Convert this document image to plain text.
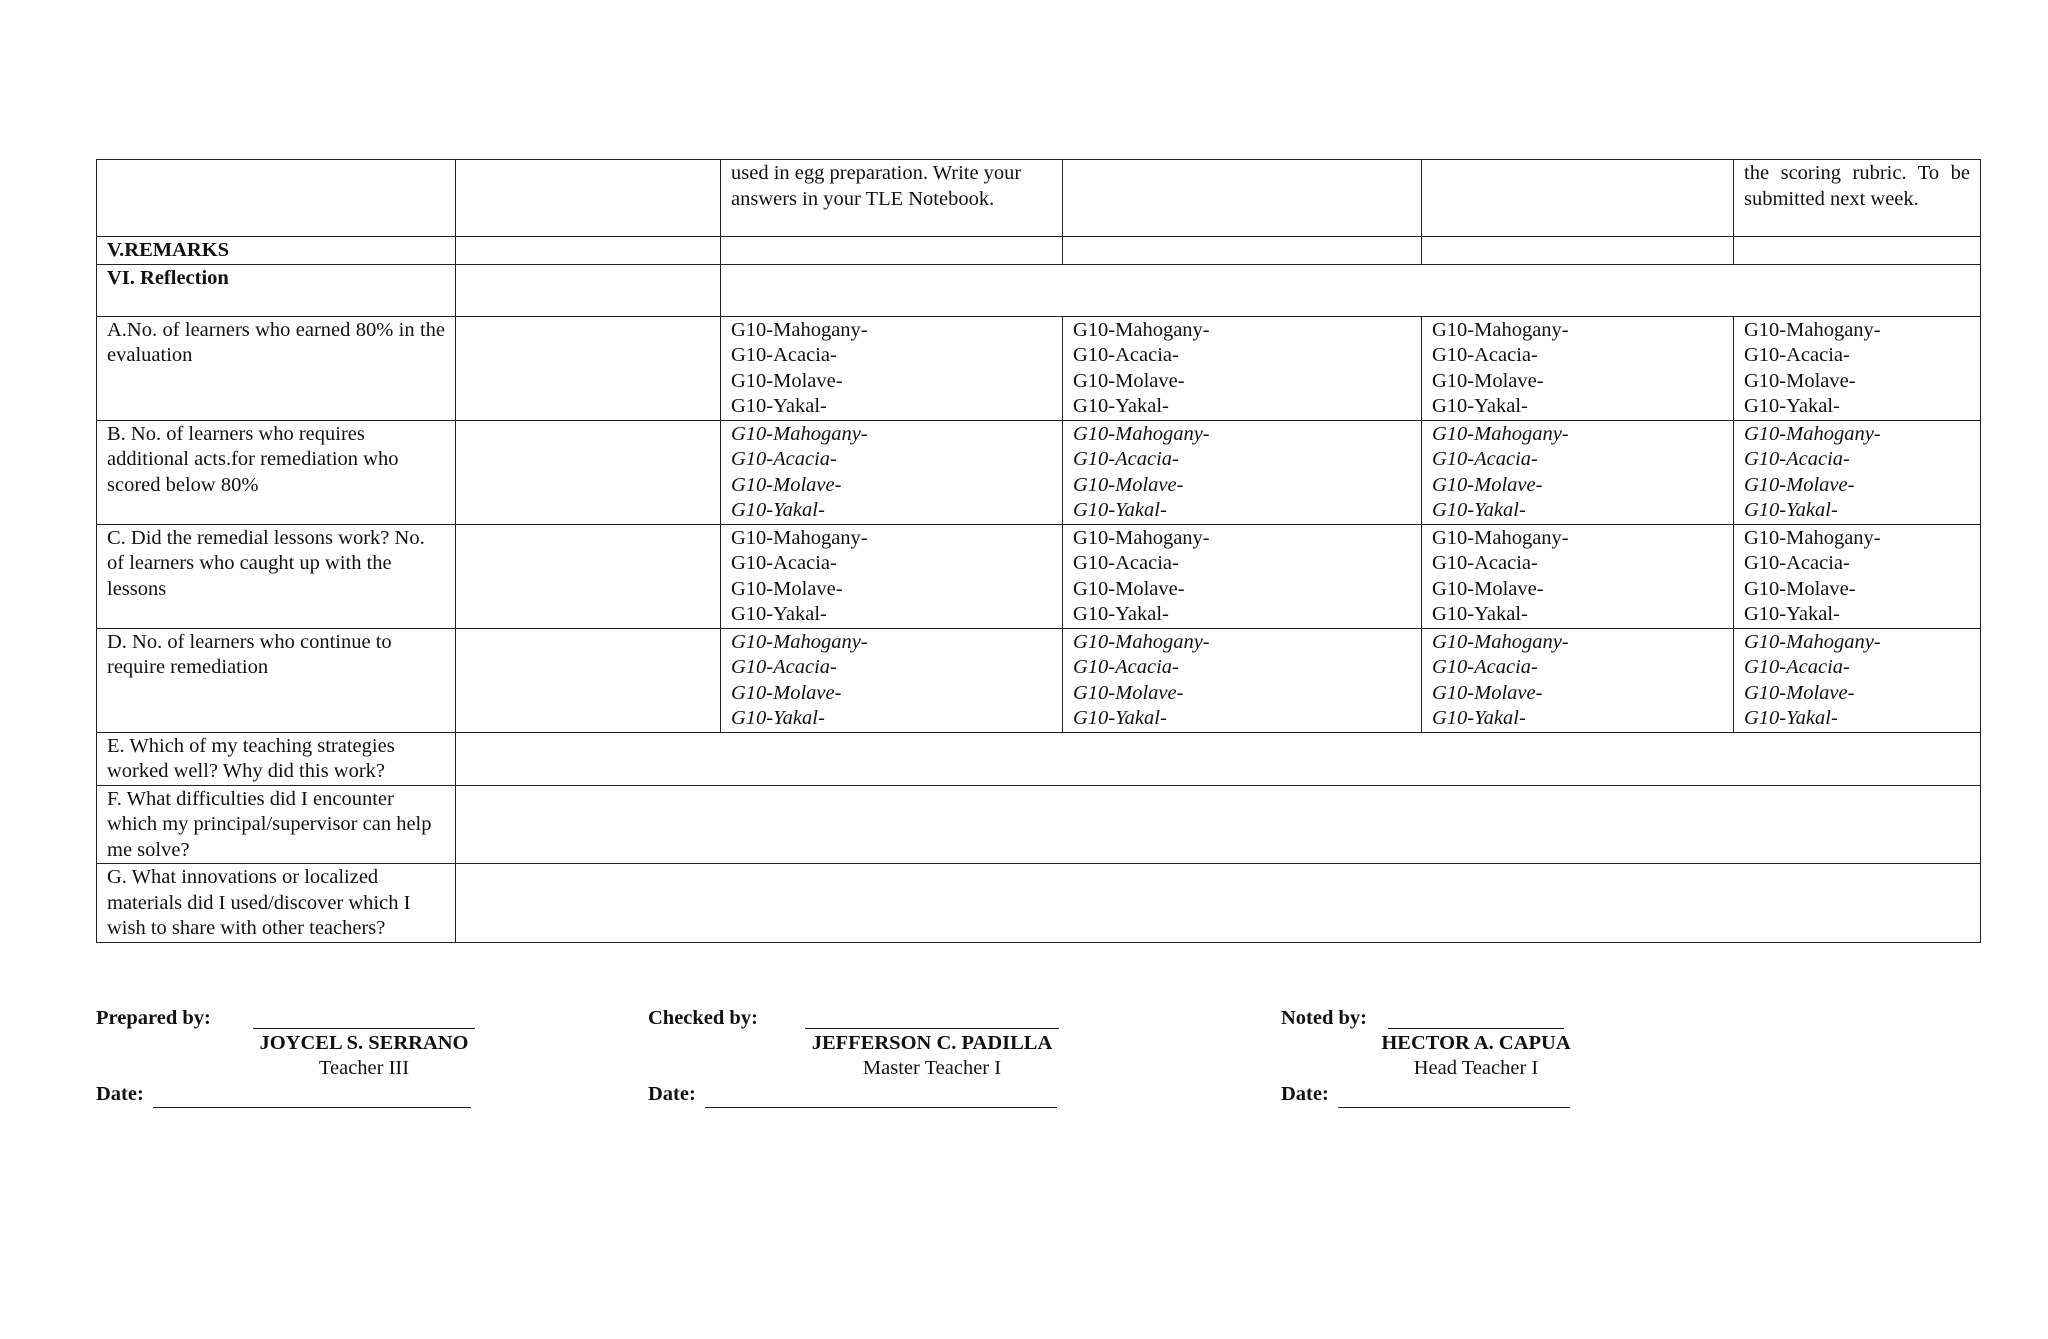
		used in egg preparation. Write your answers in your TLE Notebook.			the scoring rubric. To be submitted next week.
V.REMARKS					
VI. Reflection					
A.No. of learners who earned 80% in the evaluation		G10-Mahogany-
G10-Acacia-
G10-Molave-
G10-Yakal-	G10-Mahogany-
G10-Acacia-
G10-Molave-
G10-Yakal-	G10-Mahogany-
G10-Acacia-
G10-Molave-
G10-Yakal-	G10-Mahogany-
G10-Acacia-
G10-Molave-
G10-Yakal-

B. No. of learners who requires additional acts.for remediation who scored below 80%		G10-Mahogany-
G10-Acacia-
G10-Molave-
G10-Yakal-	G10-Mahogany-
G10-Acacia-
G10-Molave-
G10-Yakal-	G10-Mahogany-
G10-Acacia-
G10-Molave-
G10-Yakal-	G10-Mahogany-
G10-Acacia-
G10-Molave-
G10-Yakal-

C. Did the remedial lessons work? No. of learners who caught up with the lessons		G10-Mahogany-
G10-Acacia-
G10-Molave-
G10-Yakal-	G10-Mahogany-
G10-Acacia-
G10-Molave-
G10-Yakal-	G10-Mahogany-
G10-Acacia-
G10-Molave-
G10-Yakal-	G10-Mahogany-
G10-Acacia-
G10-Molave-
G10-Yakal-

D. No. of learners who continue to require remediation		G10-Mahogany-
G10-Acacia-
G10-Molave-
G10-Yakal-	G10-Mahogany-
G10-Acacia-
G10-Molave-
G10-Yakal-	G10-Mahogany-
G10-Acacia-
G10-Molave-
G10-Yakal-	G10-Mahogany-
G10-Acacia-
G10-Molave-
G10-Yakal-

E. Which of my teaching strategies worked well? Why did this work?					
F. What difficulties did I encounter which my principal/supervisor can help me solve?					
G. What innovations or localized materials did I used/discover which I wish to share with other teachers?					
Prepared by:
JOYCEL S. SERRANO
Teacher III
Date:
Checked by:
JEFFERSON C. PADILLA
Master Teacher I
Date:
Noted by:
HECTOR A. CAPUA
Head Teacher I
Date:
